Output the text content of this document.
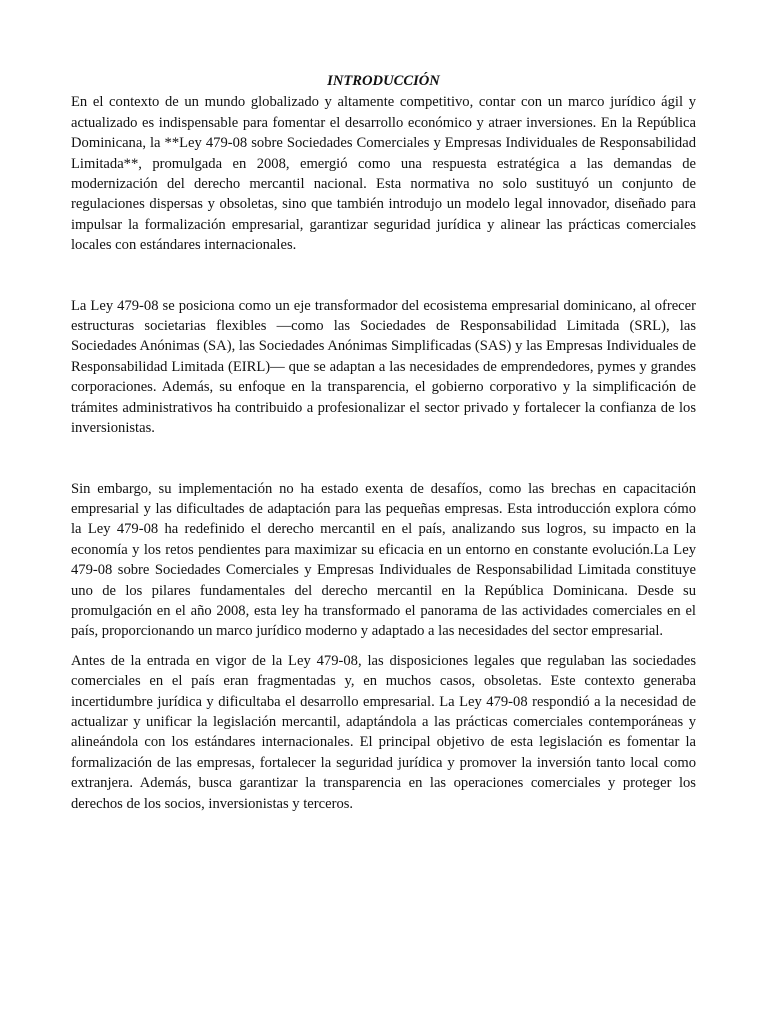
INTRODUCCIÓN

En el contexto de un mundo globalizado y altamente competitivo, contar con un marco jurídico ágil y actualizado es indispensable para fomentar el desarrollo económico y atraer inversiones. En la República Dominicana, la **Ley 479-08 sobre Sociedades Comerciales y Empresas Individuales de Responsabilidad Limitada**, promulgada en 2008, emergió como una respuesta estratégica a las demandas de modernización del derecho mercantil nacional. Esta normativa no solo sustituyó un conjunto de regulaciones dispersas y obsoletas, sino que también introdujo un modelo legal innovador, diseñado para impulsar la formalización empresarial, garantizar seguridad jurídica y alinear las prácticas comerciales locales con estándares internacionales.

La Ley 479-08 se posiciona como un eje transformador del ecosistema empresarial dominicano, al ofrecer estructuras societarias flexibles —como las Sociedades de Responsabilidad Limitada (SRL), las Sociedades Anónimas (SA), las Sociedades Anónimas Simplificadas (SAS) y las Empresas Individuales de Responsabilidad Limitada (EIRL)— que se adaptan a las necesidades de emprendedores, pymes y grandes corporaciones. Además, su enfoque en la transparencia, el gobierno corporativo y la simplificación de trámites administrativos ha contribuido a profesionalizar el sector privado y fortalecer la confianza de los inversionistas.

Sin embargo, su implementación no ha estado exenta de desafíos, como las brechas en capacitación empresarial y las dificultades de adaptación para las pequeñas empresas. Esta introducción explora cómo la Ley 479-08 ha redefinido el derecho mercantil en el país, analizando sus logros, su impacto en la economía y los retos pendientes para maximizar su eficacia en un entorno en constante evolución.La Ley 479-08 sobre Sociedades Comerciales y Empresas Individuales de Responsabilidad Limitada constituye uno de los pilares fundamentales del derecho mercantil en la República Dominicana. Desde su promulgación en el año 2008, esta ley ha transformado el panorama de las actividades comerciales en el país, proporcionando un marco jurídico moderno y adaptado a las necesidades del sector empresarial.

Antes de la entrada en vigor de la Ley 479-08, las disposiciones legales que regulaban las sociedades comerciales en el país eran fragmentadas y, en muchos casos, obsoletas. Este contexto generaba incertidumbre jurídica y dificultaba el desarrollo empresarial. La Ley 479-08 respondió a la necesidad de actualizar y unificar la legislación mercantil, adaptándola a las prácticas comerciales contemporáneas y alineándola con los estándares internacionales. El principal objetivo de esta legislación es fomentar la formalización de las empresas, fortalecer la seguridad jurídica y promover la inversión tanto local como extranjera. Además, busca garantizar la transparencia en las operaciones comerciales y proteger los derechos de los socios, inversionistas y terceros.
